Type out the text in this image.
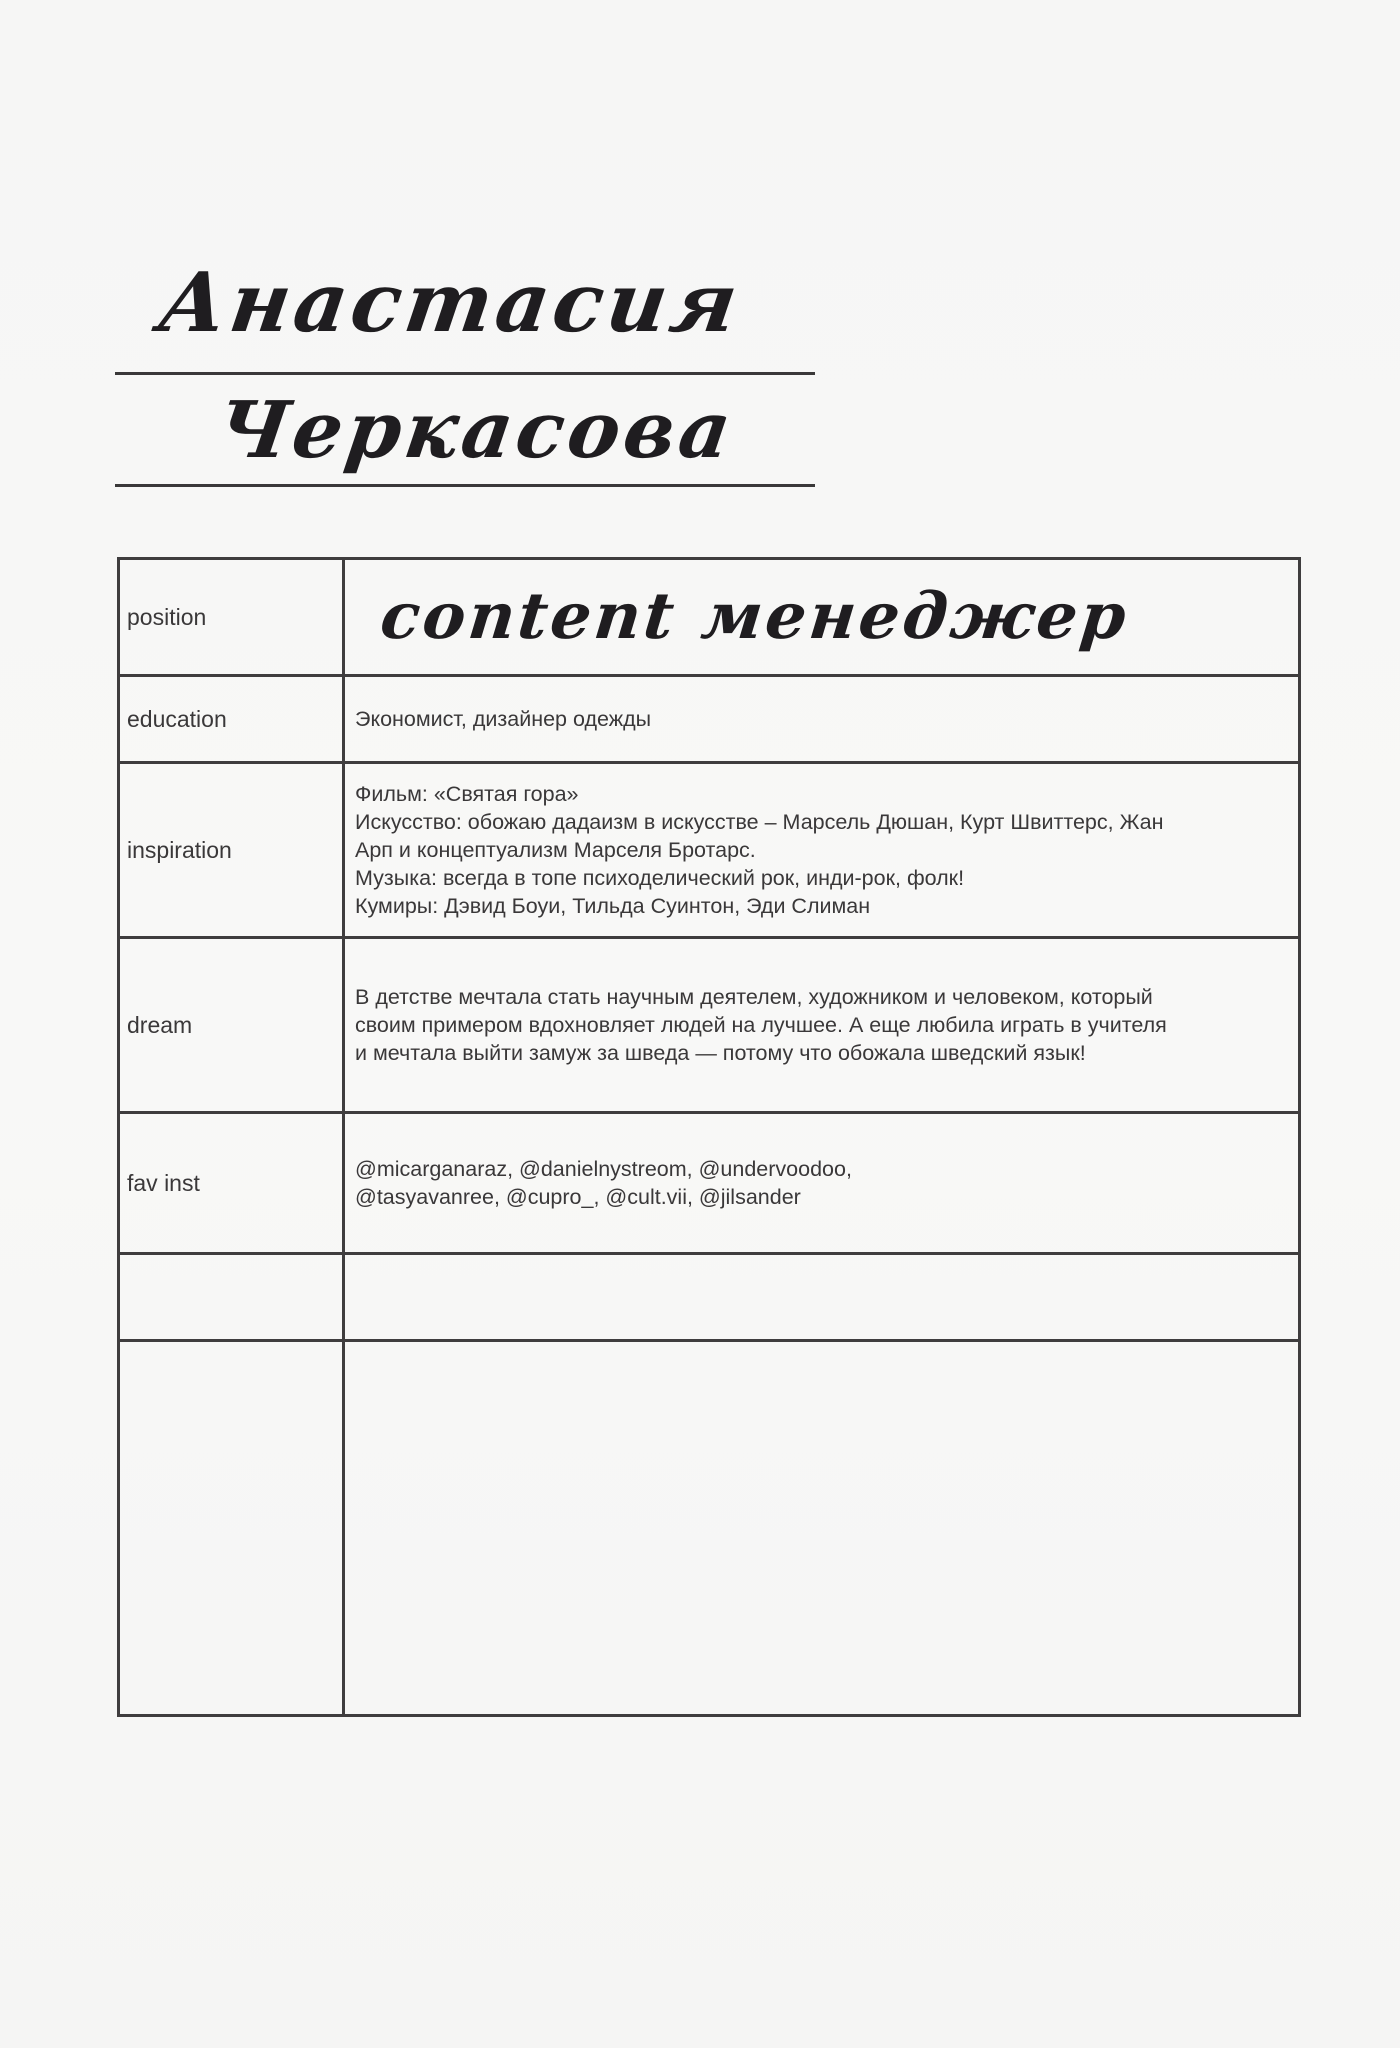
Анастасия
Черкасова
position	content менеджер
education	Экономист, дизайнер одежды
inspiration
Фильм: «Святая гора»
Искусство: обожаю дадаизм в искусстве – Марсель Дюшан, Курт Швиттерс, Жан
Арп и концептуализм Марселя Бротарс.
Музыка: всегда в топе психоделический рок, инди-рок, фолк!
Кумиры: Дэвид Боуи, Тильда Суинтон, Эди Слиман
dream
В детстве мечтала стать научным деятелем, художником и человеком, который
своим примером вдохновляет людей на лучшее. А еще любила играть в учителя
и мечтала выйти замуж за шведа — потому что обожала шведский язык!
fav inst
@micarganaraz, @danielnystreom, @undervoodoo,
@tasyavanree, @cupro_, @cult.vii, @jilsander
